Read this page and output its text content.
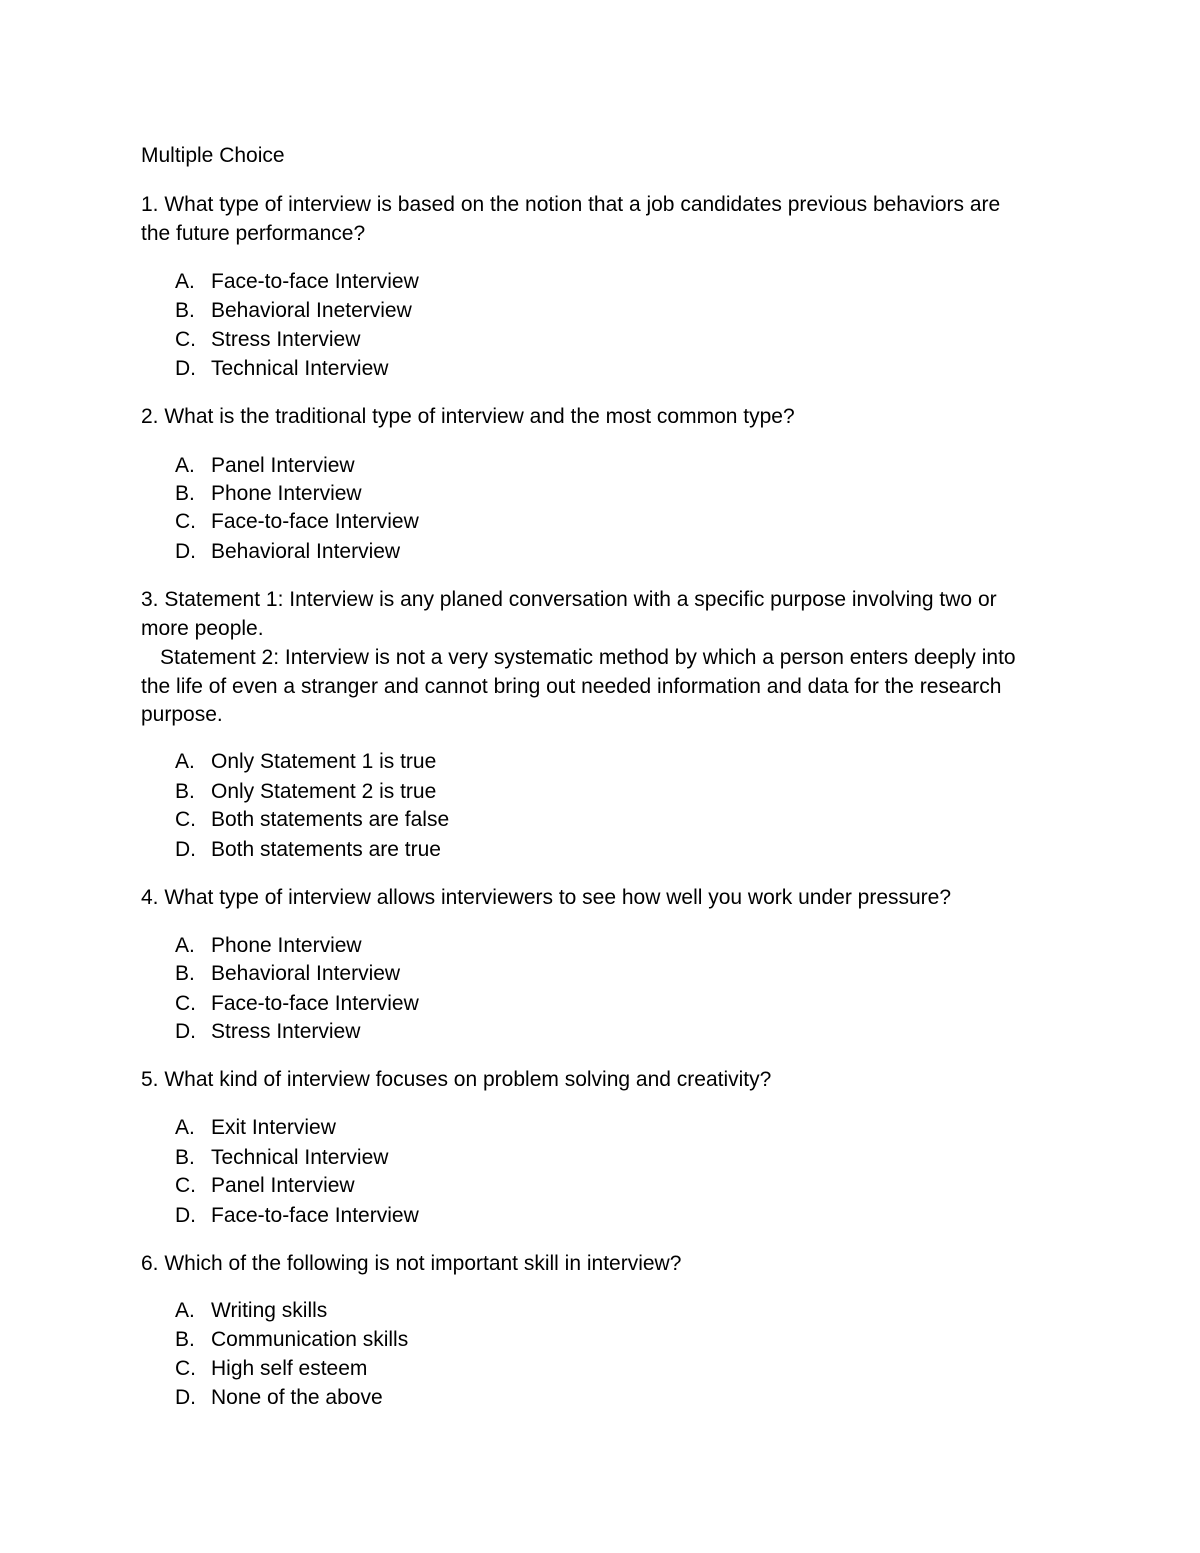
Multiple Choice
1. What type of interview is based on the notion that a job candidates previous behaviors are
the future performance?
A. Face-to-face Interview
B. Behavioral Ineterview
C. Stress Interview
D. Technical Interview
2. What is the traditional type of interview and the most common type?
A. Panel Interview
B. Phone Interview
C. Face-to-face Interview
D. Behavioral Interview
3. Statement 1: Interview is any planed conversation with a specific purpose involving two or
more people.
Statement 2: Interview is not a very systematic method by which a person enters deeply into
the life of even a stranger and cannot bring out needed information and data for the research
purpose.
A. Only Statement 1 is true
B. Only Statement 2 is true
C. Both statements are false
D. Both statements are true
4. What type of interview allows interviewers to see how well you work under pressure?
A. Phone Interview
B. Behavioral Interview
C. Face-to-face Interview
D. Stress Interview
5. What kind of interview focuses on problem solving and creativity?
A. Exit Interview
B. Technical Interview
C. Panel Interview
D. Face-to-face Interview
6. Which of the following is not important skill in interview?
A. Writing skills
B. Communication skills
C. High self esteem
D. None of the above
